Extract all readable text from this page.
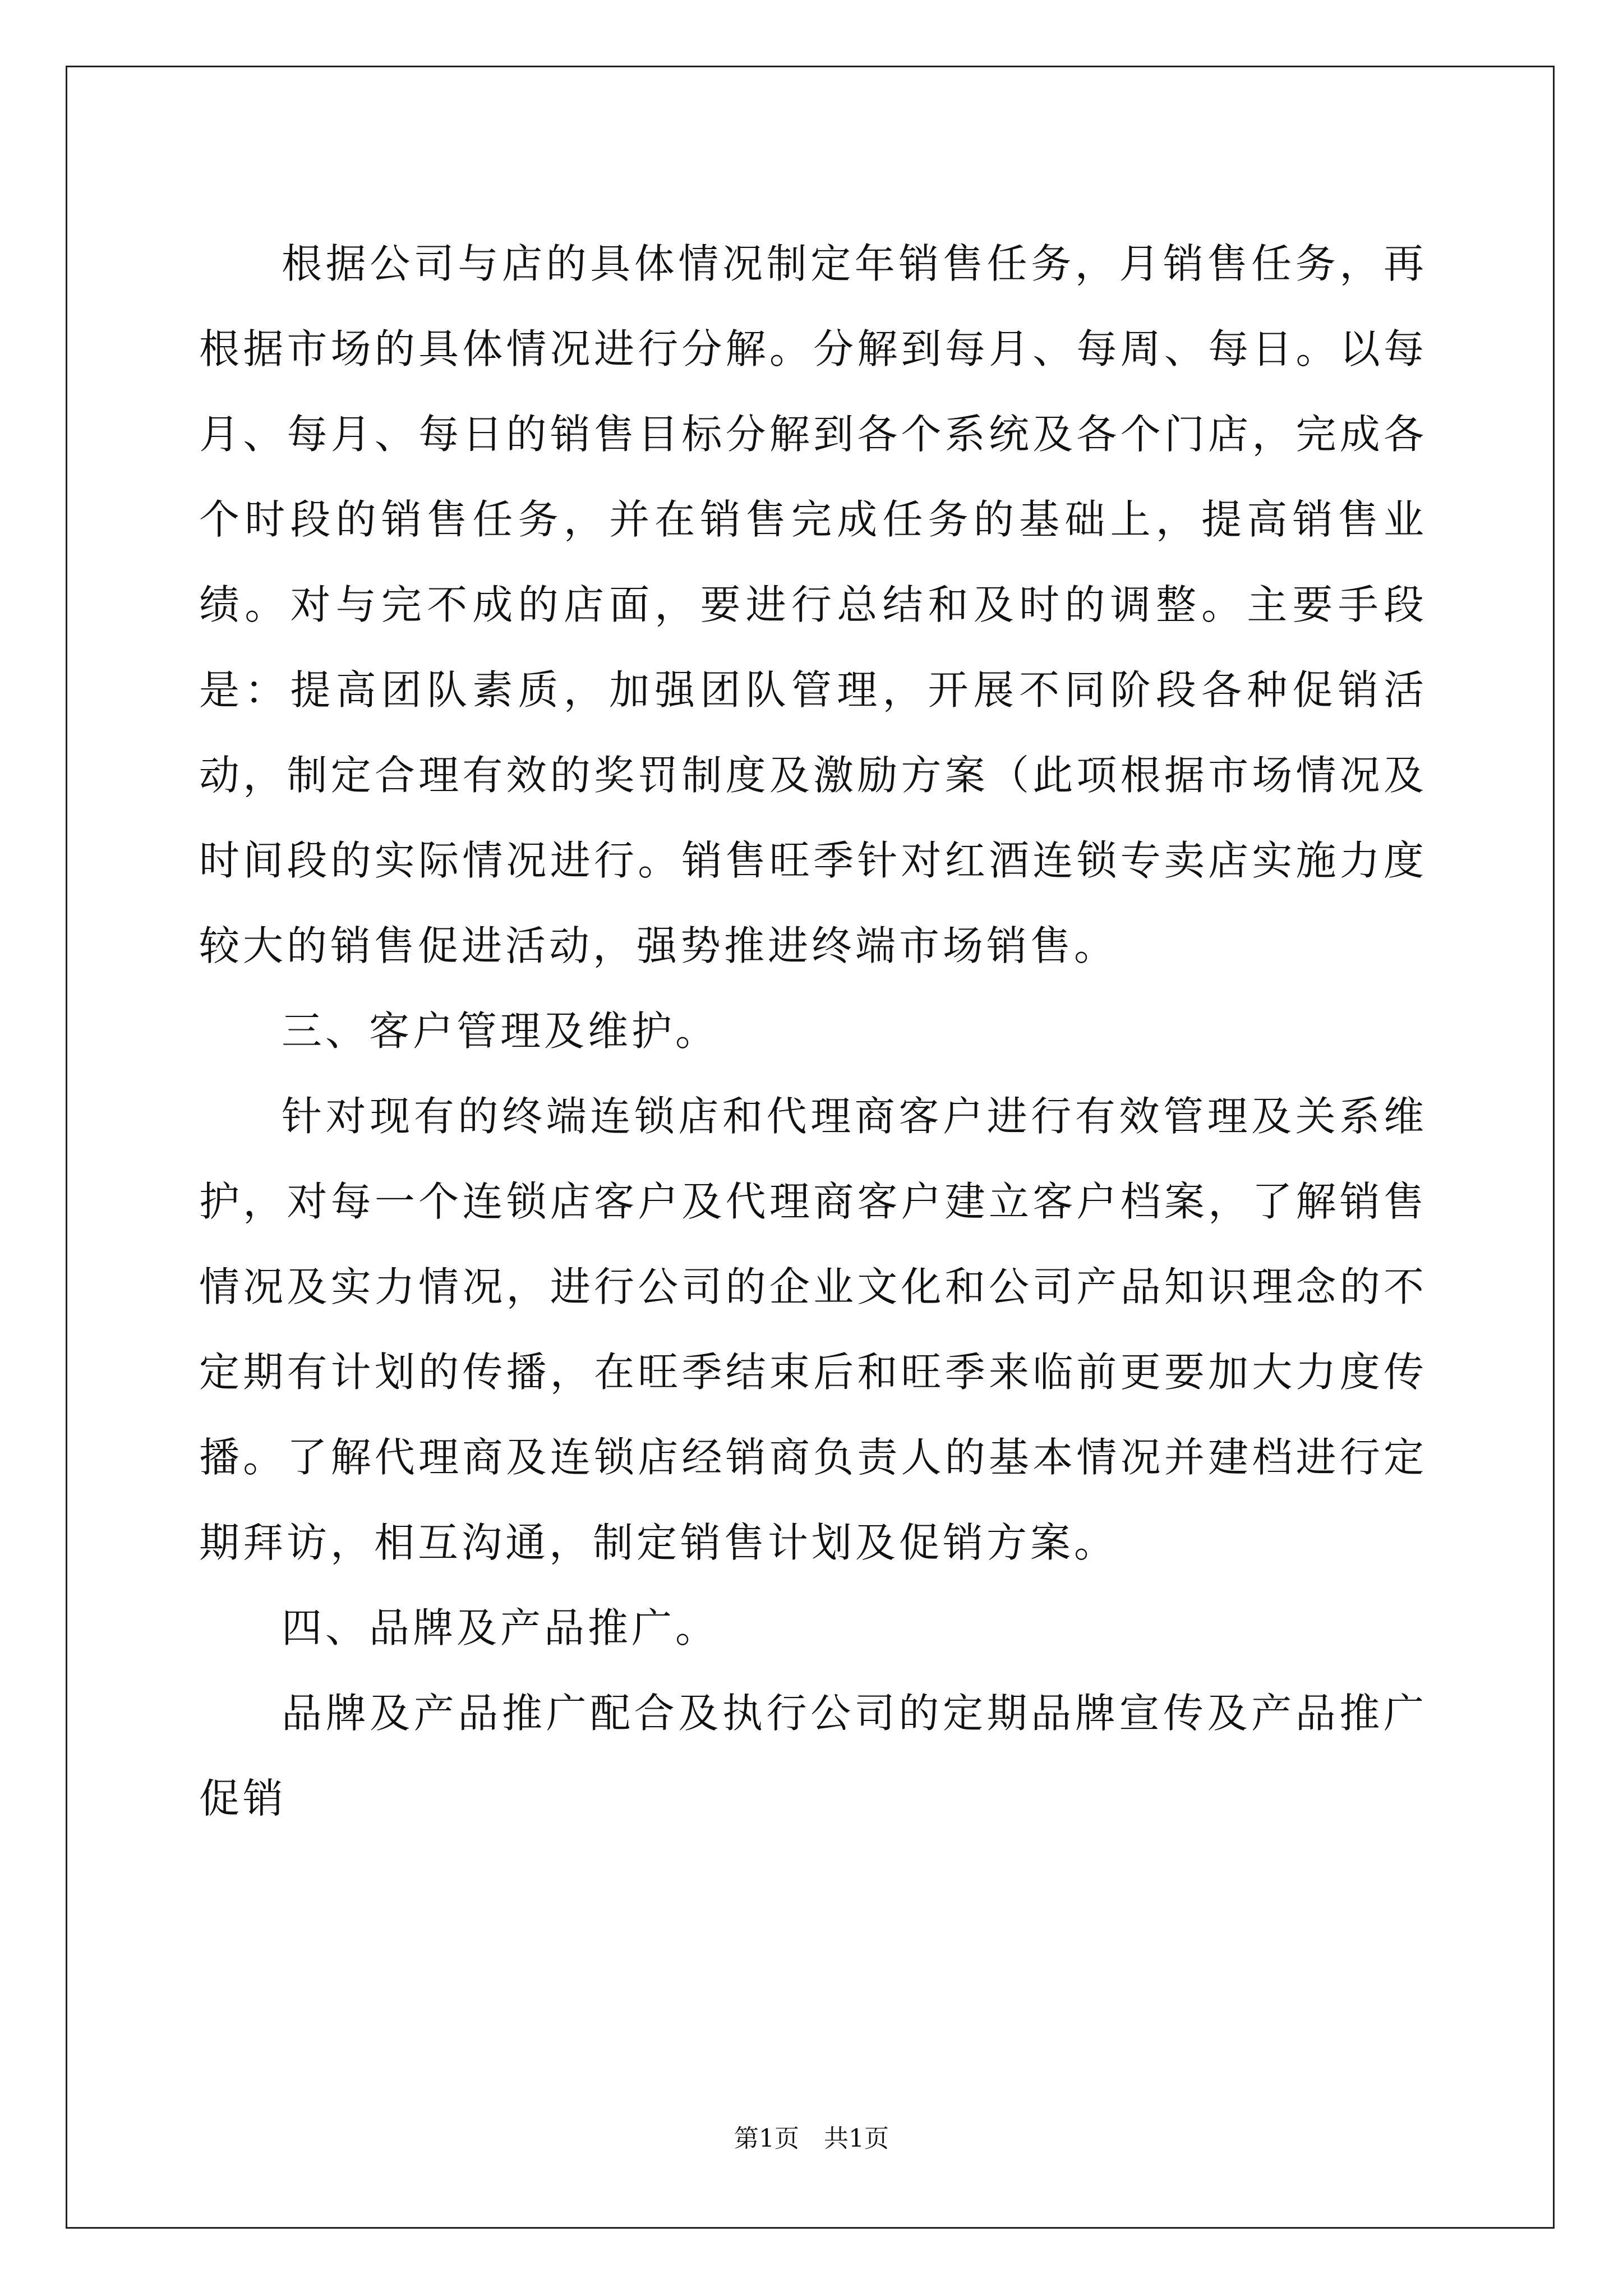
根据公司与店的具体情况制定年销售任务，月销售任务，再根据市场的具体情况进行分解。分解到每月、每周、每日。以每月、每月、每日的销售目标分解到各个系统及各个门店，完成各个时段的销售任务，并在销售完成任务的基础上，提高销售业绩。对与完不成的店面，要进行总结和及时的调整。主要手段是：提高团队素质，加强团队管理，开展不同阶段各种促销活动，制定合理有效的奖罚制度及激励方案（此项根据市场情况及时间段的实际情况进行。销售旺季针对红酒连锁专卖店实施力度较大的销售促进活动，强势推进终端市场销售。

三、客户管理及维护。

针对现有的终端连锁店和代理商客户进行有效管理及关系维护，对每一个连锁店客户及代理商客户建立客户档案，了解销售情况及实力情况，进行公司的企业文化和公司产品知识理念的不定期有计划的传播，在旺季结束后和旺季来临前更要加大力度传播。了解代理商及连锁店经销商负责人的基本情况并建档进行定期拜访，相互沟通，制定销售计划及促销方案。

四、品牌及产品推广。

品牌及产品推广配合及执行公司的定期品牌宣传及产品推广促销

第1页 共1页
